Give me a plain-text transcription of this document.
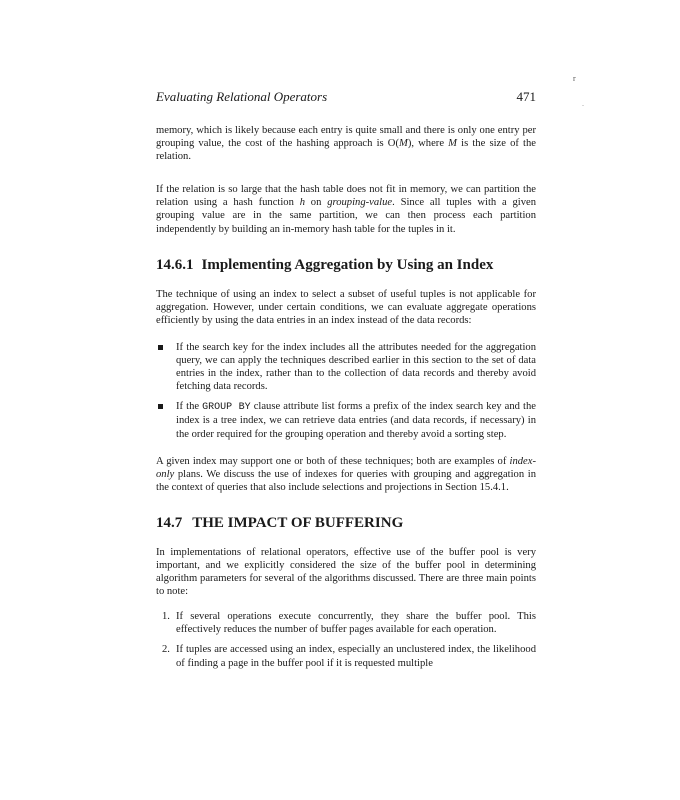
r
.
Evaluating Relational Operators	471

memory, which is likely because each entry is quite small and there is only one entry per grouping value, the cost of the hashing approach is O(M), where M is the size of the relation.

If the relation is so large that the hash table does not fit in memory, we can partition the relation using a hash function h on grouping-value. Since all tuples with a given grouping value are in the same partition, we can then process each partition independently by building an in-memory hash table for the tuples in it.

14.6.1 Implementing Aggregation by Using an Index

The technique of using an index to select a subset of useful tuples is not applicable for aggregation. However, under certain conditions, we can evaluate aggregate operations efficiently by using the data entries in an index instead of the data records:

If the search key for the index includes all the attributes needed for the aggregation query, we can apply the techniques described earlier in this section to the set of data entries in the index, rather than to the collection of data records and thereby avoid fetching data records.
If the GROUP BY clause attribute list forms a prefix of the index search key and the index is a tree index, we can retrieve data entries (and data records, if necessary) in the order required for the grouping operation and thereby avoid a sorting step.

A given index may support one or both of these techniques; both are examples of index-only plans. We discuss the use of indexes for queries with grouping and aggregation in the context of queries that also include selections and projections in Section 15.4.1.

14.7 THE IMPACT OF BUFFERING

In implementations of relational operators, effective use of the buffer pool is very important, and we explicitly considered the size of the buffer pool in determining algorithm parameters for several of the algorithms discussed. There are three main points to note:

1. If several operations execute concurrently, they share the buffer pool. This effectively reduces the number of buffer pages available for each operation.
2. If tuples are accessed using an index, especially an unclustered index, the likelihood of finding a page in the buffer pool if it is requested multiple
